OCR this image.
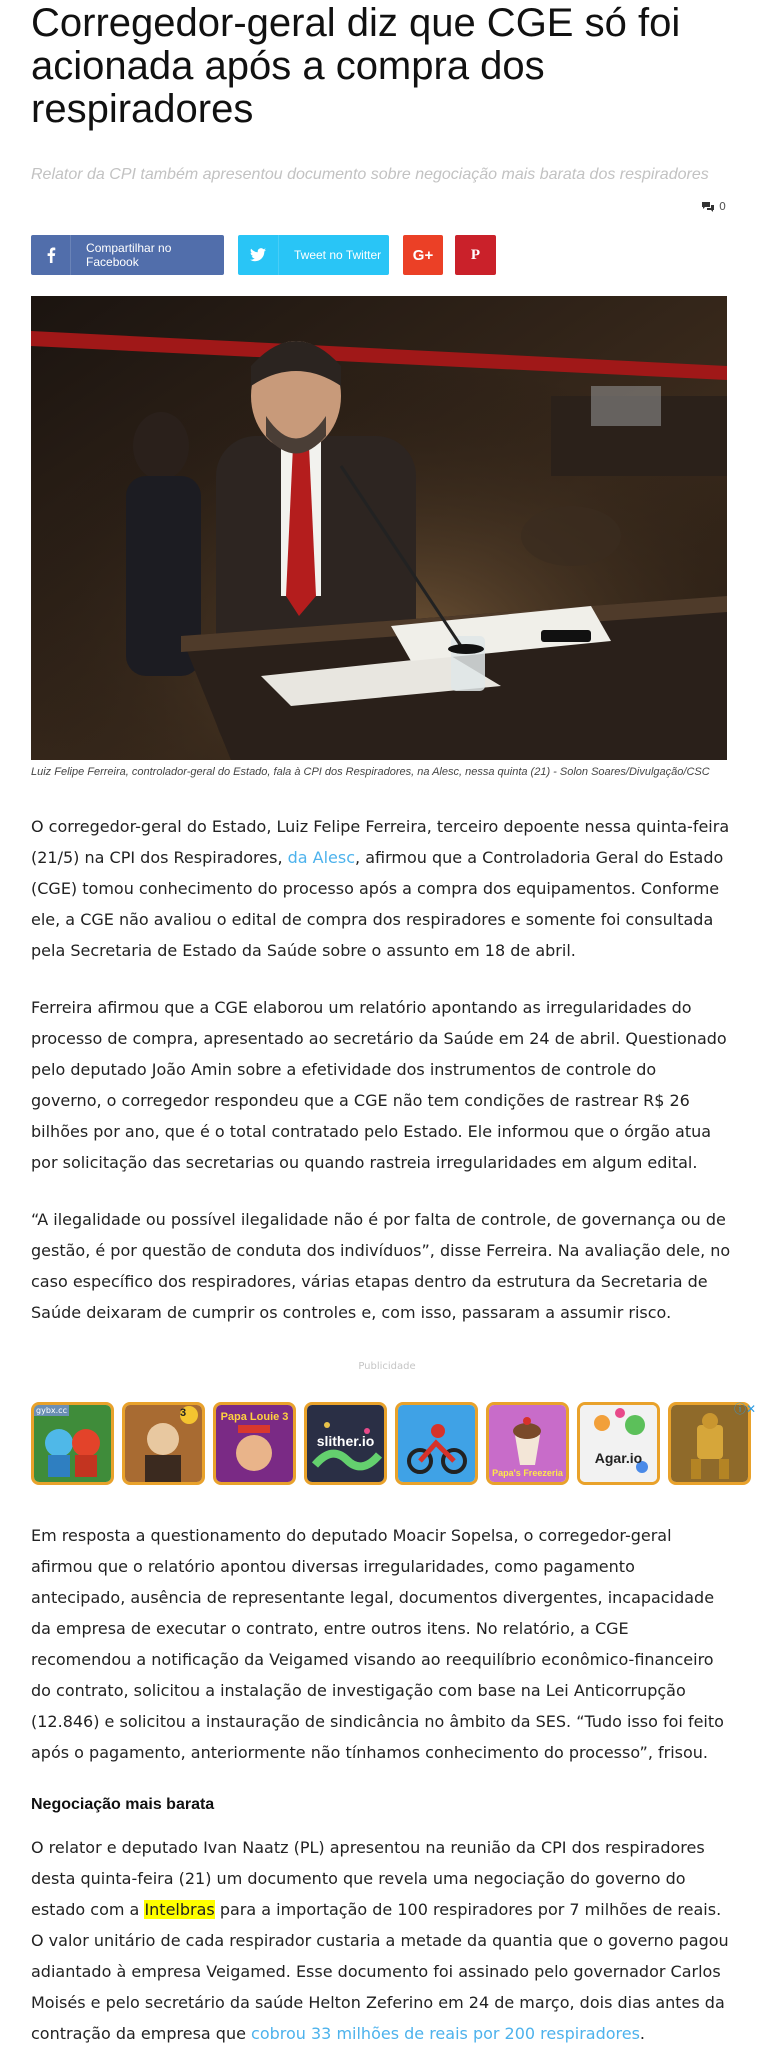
Corregedor-geral diz que CGE só foi acionada após a compra dos respiradores
Relator da CPI também apresentou documento sobre negociação mais barata dos respiradores
0
Compartilhar no Facebook	Tweet no Twitter G+	P
Luiz Felipe Ferreira, controlador-geral do Estado, fala à CPI dos Respiradores, na Alesc, nessa quinta (21) - Solon Soares/Divulgação/CSC

O corregedor-geral do Estado, Luiz Felipe Ferreira, terceiro depoente nessa quinta-feira (21/5) na CPI dos Respiradores, da Alesc, afirmou que a Controladoria Geral do Estado (CGE) tomou conhecimento do processo após a compra dos equipamentos. Conforme ele, a CGE não avaliou o edital de compra dos respiradores e somente foi consultada pela Secretaria de Estado da Saúde sobre o assunto em 18 de abril.

Ferreira afirmou que a CGE elaborou um relatório apontando as irregularidades do processo de compra, apresentado ao secretário da Saúde em 24 de abril. Questionado pelo deputado João Amin sobre a efetividade dos instrumentos de controle do governo, o corregedor respondeu que a CGE não tem condições de rastrear R$ 26 bilhões por ano, que é o total contratado pelo Estado. Ele informou que o órgão atua por solicitação das secretarias ou quando rastreia irregularidades em algum edital.

“A ilegalidade ou possível ilegalidade não é por falta de controle, de governança ou de gestão, é por questão de conduta dos indivíduos”, disse Ferreira. Na avaliação dele, no caso específico dos respiradores, várias etapas dentro da estrutura da Secretaria de Saúde deixaram de cumprir os controles e, com isso, passaram a assumir risco.

Publicidade
gybx.cc	3	Papa Louie 3
slither.io
Papa's Freezeria
Agar.io
ⓘ✕

Em resposta a questionamento do deputado Moacir Sopelsa, o corregedor-geral afirmou que o relatório apontou diversas irregularidades, como pagamento antecipado, ausência de representante legal, documentos divergentes, incapacidade da empresa de executar o contrato, entre outros itens. No relatório, a CGE recomendou a notificação da Veigamed visando ao reequilíbrio econômico-financeiro do contrato, solicitou a instalação de investigação com base na Lei Anticorrupção (12.846) e solicitou a instauração de sindicância no âmbito da SES. “Tudo isso foi feito após o pagamento, anteriormente não tínhamos conhecimento do processo”, frisou.

Negociação mais barata

O relator e deputado Ivan Naatz (PL) apresentou na reunião da CPI dos respiradores desta quinta-feira (21) um documento que revela uma negociação do governo do estado com a Intelbras para a importação de 100 respiradores por 7 milhões de reais. O valor unitário de cada respirador custaria a metade da quantia que o governo pagou adiantado à empresa Veigamed. Esse documento foi assinado pelo governador Carlos Moisés e pelo secretário da saúde Helton Zeferino em 24 de março, dois dias antes da contração da empresa que cobrou 33 milhões de reais por 200 respiradores.
